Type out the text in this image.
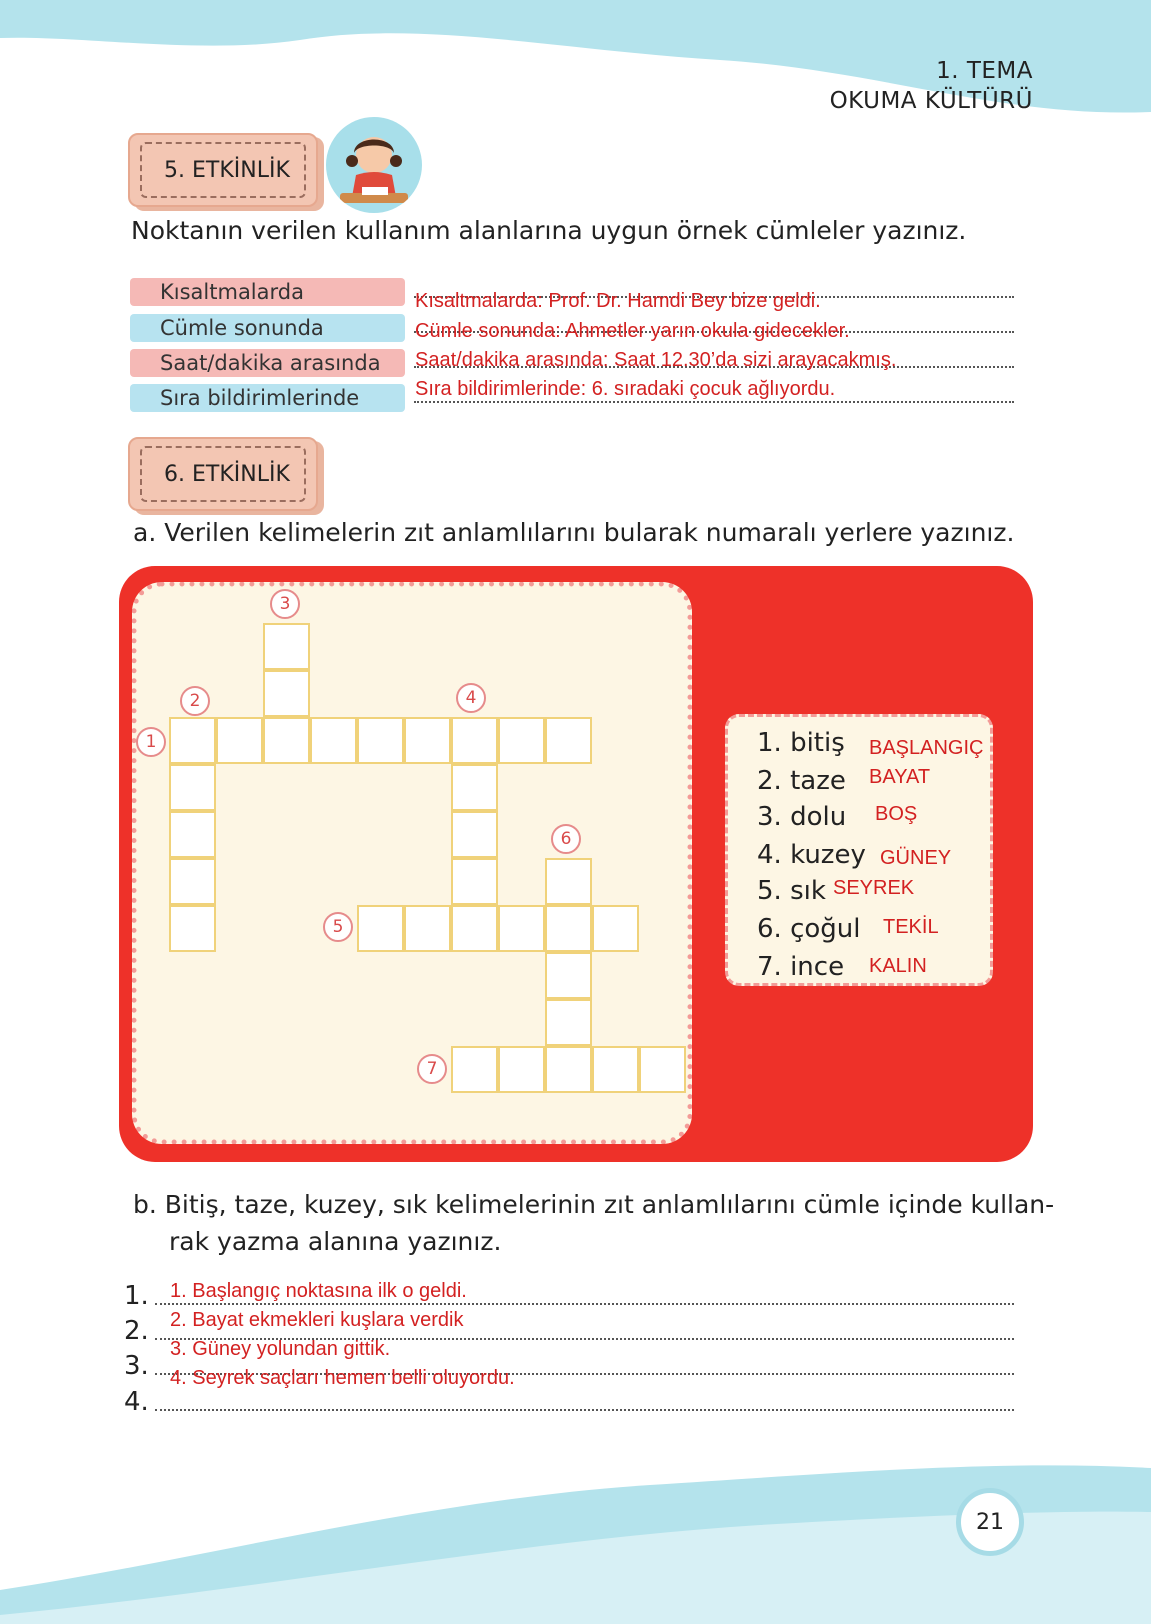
1. TEMA
OKUMA KÜLTÜRÜ
5. ETKİNLİK
Noktanın verilen kullanım alanlarına uygun örnek cümleler yazınız.
Kısaltmalarda
Cümle sonunda
Saat/dakika arasında
Sıra bildirimlerinde
Kısaltmalarda: Prof. Dr. Hamdi Bey bize geldi.
Cümle sonunda: Ahmetler yarın okula gidecekler.
Saat/dakika arasında: Saat 12.30’da sizi arayacakmış.
Sıra bildirimlerinde: 6. sıradaki çocuk ağlıyordu.
6. ETKİNLİK
a. Verilen kelimelerin zıt anlamlılarını bularak numaralı yerlere yazınız.
1
2
3
4
5
6
7
1. bitiş
2. taze
3. dolu
4. kuzey
5. sık
6. çoğul
7. ince
BAŞLANGIÇ
BAYAT
BOŞ
GÜNEY
SEYREK
TEKİL
KALIN
b. Bitiş, taze, kuzey, sık kelimelerinin zıt anlamlılarını cümle içinde kullan-
rak yazma alanına yazınız.
1.
2.
3.
4.
1. Başlangıç noktasına ilk o geldi.
2. Bayat ekmekleri kuşlara verdik
3. Güney yolundan gittik.
4. Seyrek saçları hemen belli oluyordu.
21
